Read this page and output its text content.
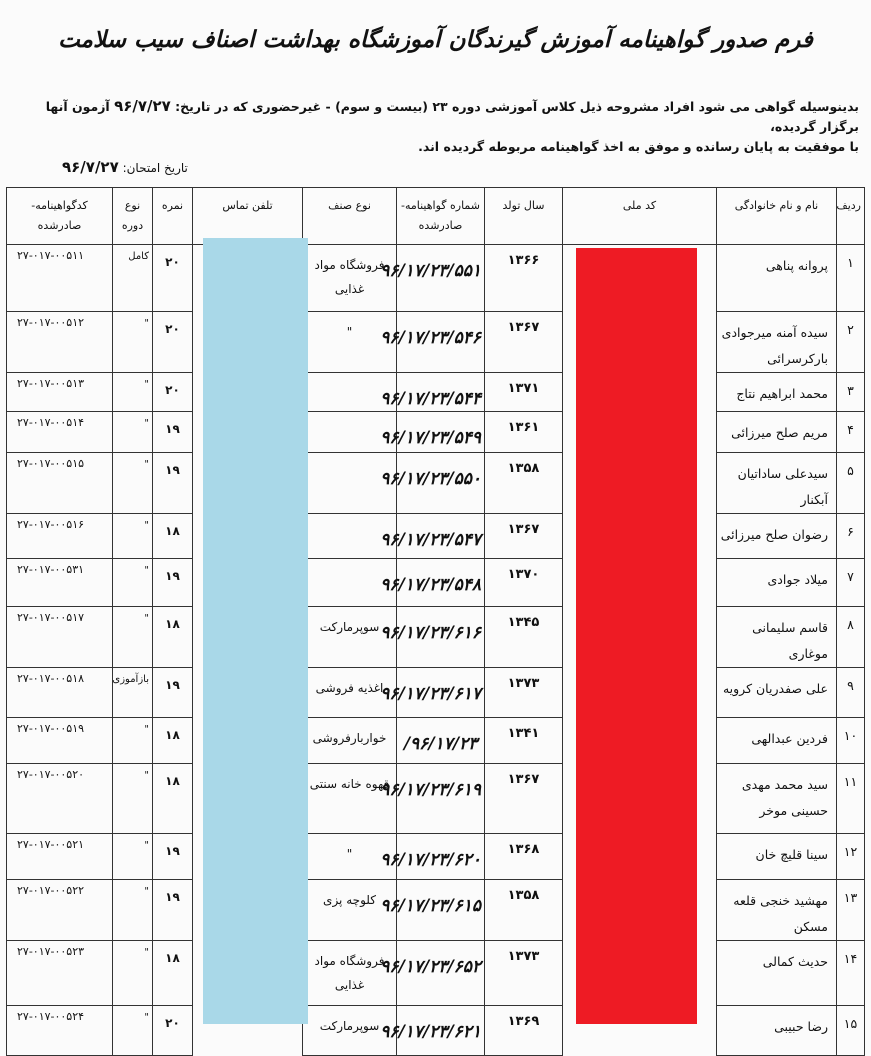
فرم صدور گواهینامه آموزش گیرندگان آموزشگاه بهداشت اصناف سیب سلامت
بدینوسیله گواهی می شود افراد مشروحه ذیل کلاس آموزشی دوره ۲۳ (بیست و سوم) - غیرحضوری که در تاریخ: ۹۶/۷/۲۷ آزمون آنها برگزار گردیده،
با موفقیت به پایان رسانده و موفق به اخذ گواهینامه مربوطه گردیده اند.
تاریخ امتحان: ۹۶/۷/۲۷
ردیف	نام و نام خانوادگی	کد ملی	سال تولد	شماره گواهینامه- صادرشده	نوع صنف	تلفن تماس	نمره	نوع دوره	کدگواهینامه- صادرشده
۱	پروانه پناهی		۱۳۶۶	۹۶/۱۷/۲۳/۵۵۱	فروشگاه مواد غذایی		۲۰	کامل	۲۷-۰۱۷-۰۰۵۱۱
۲	سیده آمنه میرجوادی بارکرسرائی		۱۳۶۷	۹۶/۱۷/۲۳/۵۴۶	"		۲۰	"	۲۷-۰۱۷-۰۰۵۱۲
۳	محمد ابراهیم نتاج		۱۳۷۱	۹۶/۱۷/۲۳/۵۴۴			۲۰	"	۲۷-۰۱۷-۰۰۵۱۳
۴	مریم صلح میرزائی		۱۳۶۱	۹۶/۱۷/۲۳/۵۴۹			۱۹	"	۲۷-۰۱۷-۰۰۵۱۴
۵	سیدعلی ساداتیان آبکنار		۱۳۵۸	۹۶/۱۷/۲۳/۵۵۰			۱۹	"	۲۷-۰۱۷-۰۰۵۱۵
۶	رضوان صلح میرزائی		۱۳۶۷	۹۶/۱۷/۲۳/۵۴۷			۱۸	"	۲۷-۰۱۷-۰۰۵۱۶
۷	میلاد جوادی		۱۳۷۰	۹۶/۱۷/۲۳/۵۴۸			۱۹	"	۲۷-۰۱۷-۰۰۵۳۱
۸	قاسم سلیمانی موغاری		۱۳۴۵	۹۶/۱۷/۲۳/۶۱۶	سوپرمارکت		۱۸	"	۲۷-۰۱۷-۰۰۵۱۷
۹	علی صفدریان کرویه		۱۳۷۳	۹۶/۱۷/۲۳/۶۱۷	اغذیه فروشی		۱۹	بازآموزی	۲۷-۰۱۷-۰۰۵۱۸
۱۰	فردین عبدالهی		۱۳۴۱	۹۶/۱۷/۲۳/	خواربارفروشی		۱۸	"	۲۷-۰۱۷-۰۰۵۱۹
۱۱	سید محمد مهدی حسینی موخر		۱۳۶۷	۹۶/۱۷/۲۳/۶۱۹	قهوه خانه سنتی		۱۸	"	۲۷-۰۱۷-۰۰۵۲۰
۱۲	سینا قلیچ خان		۱۳۶۸	۹۶/۱۷/۲۳/۶۲۰	"		۱۹	"	۲۷-۰۱۷-۰۰۵۲۱
۱۳	مهشید خنجی قلعه مسکن		۱۳۵۸	۹۶/۱۷/۲۳/۶۱۵	کلوچه پزی		۱۹	"	۲۷-۰۱۷-۰۰۵۲۲
۱۴	حدیث کمالی		۱۳۷۳	۹۶/۱۷/۲۳/۶۵۲	فروشگاه مواد غذایی		۱۸	"	۲۷-۰۱۷-۰۰۵۲۳
۱۵	رضا حبیبی		۱۳۶۹	۹۶/۱۷/۲۳/۶۲۱	سوپرمارکت		۲۰	"	۲۷-۰۱۷-۰۰۵۲۴
